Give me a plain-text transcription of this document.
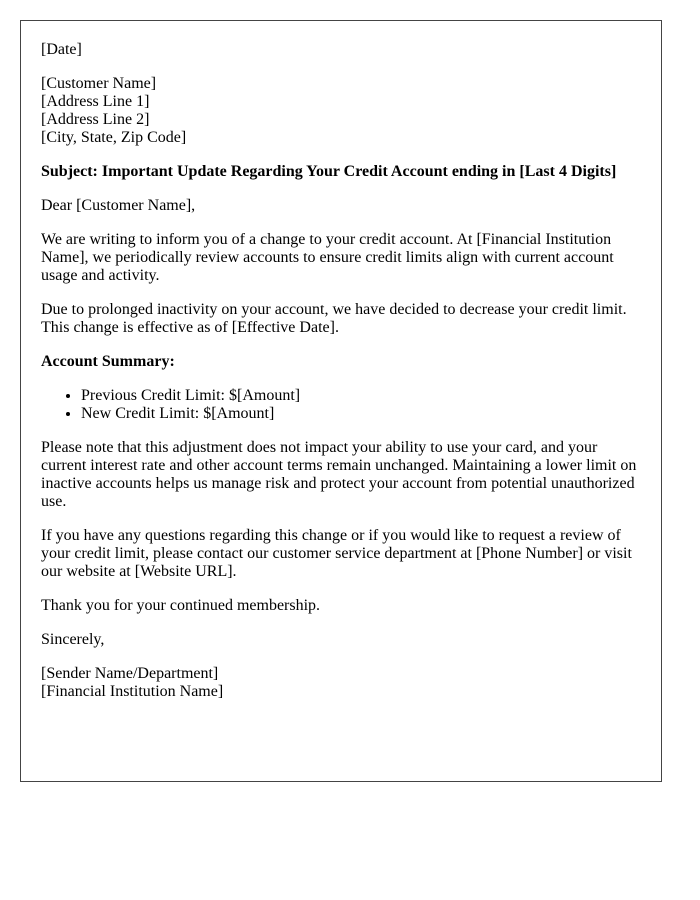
[Date]

[Customer Name]
[Address Line 1]
[Address Line 2]
[City, State, Zip Code]

Subject: Important Update Regarding Your Credit Account ending in [Last 4 Digits]

Dear [Customer Name],

We are writing to inform you of a change to your credit account. At [Financial Institution Name], we periodically review accounts to ensure credit limits align with current account usage and activity.

Due to prolonged inactivity on your account, we have decided to decrease your credit limit. This change is effective as of [Effective Date].

Account Summary:

• Previous Credit Limit: $[Amount]
• New Credit Limit: $[Amount]

Please note that this adjustment does not impact your ability to use your card, and your current interest rate and other account terms remain unchanged. Maintaining a lower limit on inactive accounts helps us manage risk and protect your account from potential unauthorized use.

If you have any questions regarding this change or if you would like to request a review of your credit limit, please contact our customer service department at [Phone Number] or visit our website at [Website URL].

Thank you for your continued membership.

Sincerely,

[Sender Name/Department]
[Financial Institution Name]
